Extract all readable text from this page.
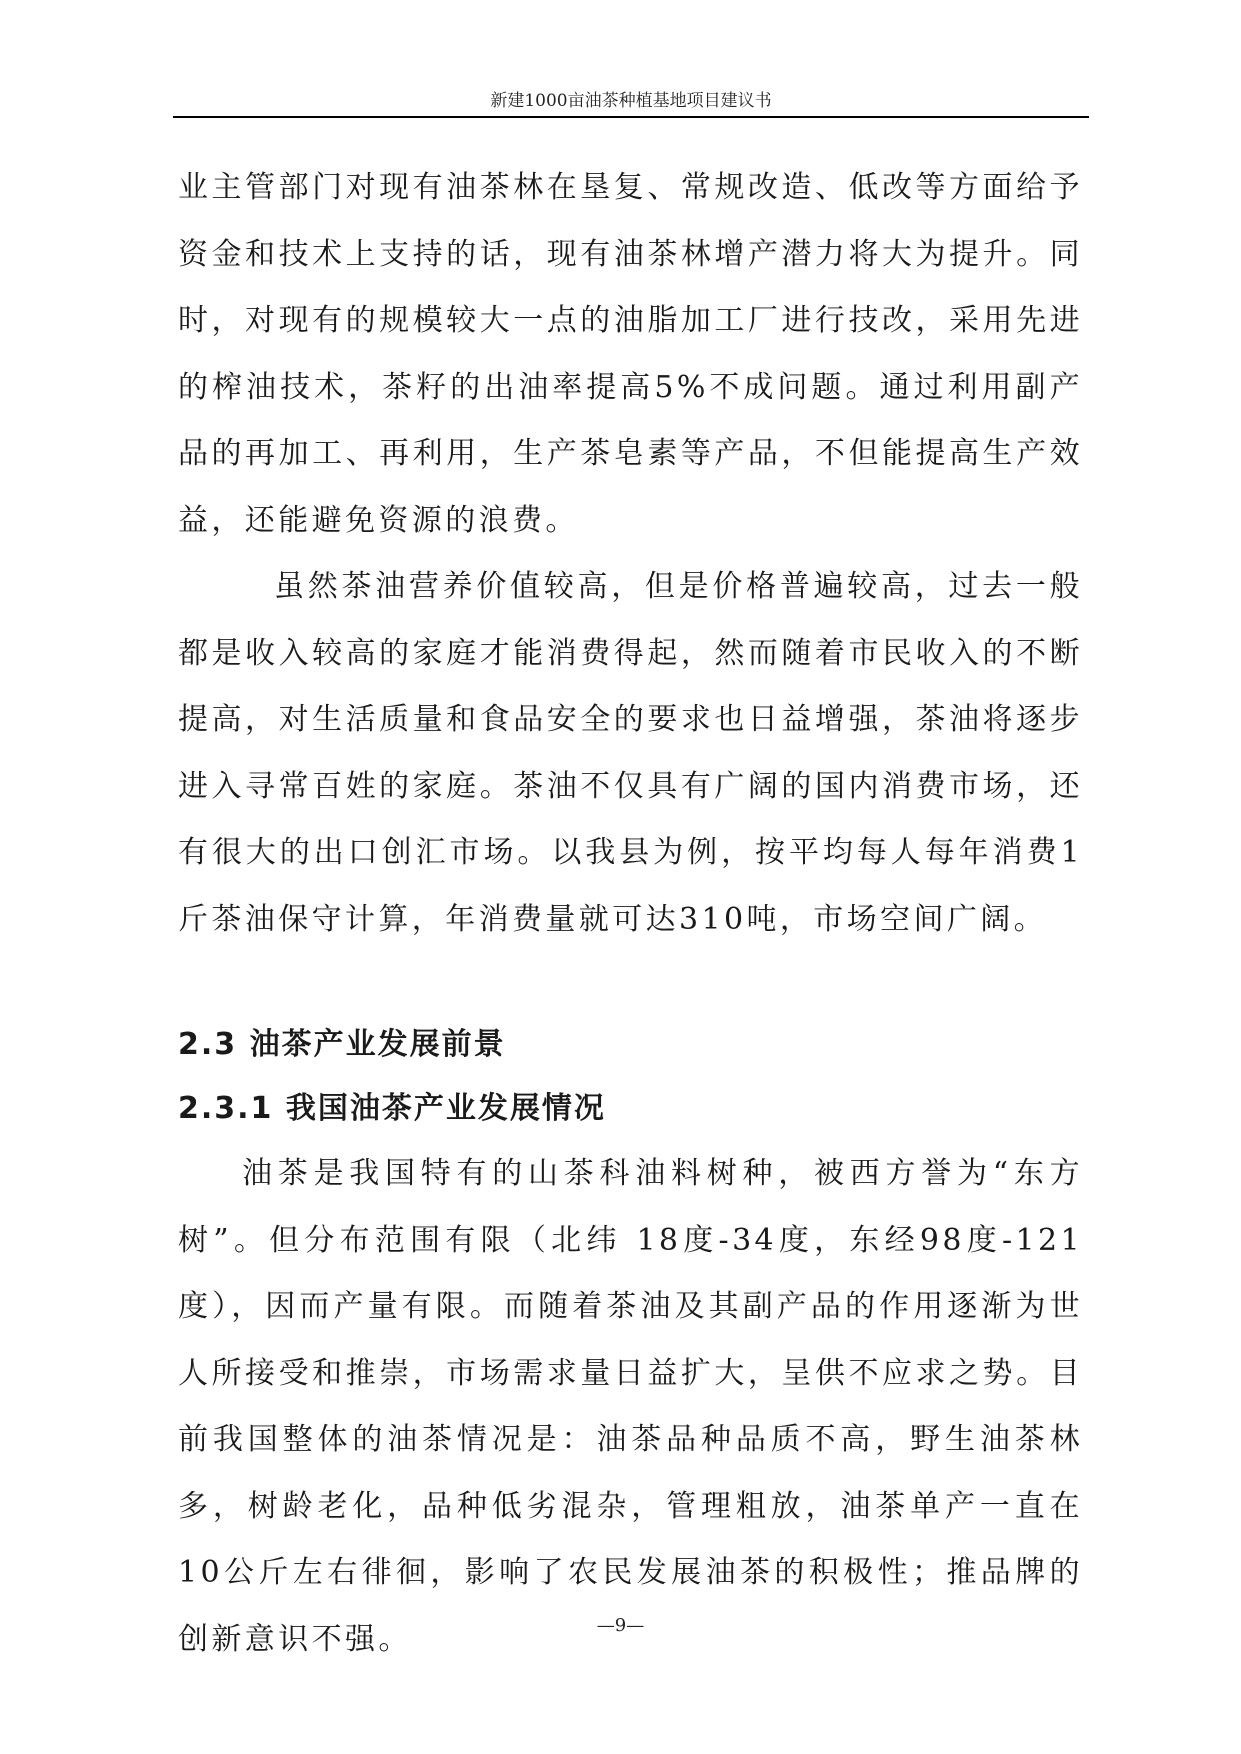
新建1000亩油茶种植基地项目建议书

业主管部门对现有油茶林在垦复、常规改造、低改等方面给予资金和技术上支持的话，现有油茶林增产潜力将大为提升。同时，对现有的规模较大一点的油脂加工厂进行技改，采用先进的榨油技术，茶籽的出油率提高5%不成问题。通过利用副产品的再加工、再利用，生产茶皂素等产品，不但能提高生产效益，还能避免资源的浪费。

虽然茶油营养价值较高，但是价格普遍较高，过去一般都是收入较高的家庭才能消费得起，然而随着市民收入的不断提高，对生活质量和食品安全的要求也日益增强，茶油将逐步进入寻常百姓的家庭。茶油不仅具有广阔的国内消费市场，还有很大的出口创汇市场。以我县为例，按平均每人每年消费1斤茶油保守计算，年消费量就可达310吨，市场空间广阔。

2.3 油茶产业发展前景

2.3.1 我国油茶产业发展情况

油茶是我国特有的山茶科油料树种，被西方誉为“东方树”。但分布范围有限（北纬 18度-34度，东经98度-121度），因而产量有限。而随着茶油及其副产品的作用逐渐为世人所接受和推崇，市场需求量日益扩大，呈供不应求之势。目前我国整体的油茶情况是：油茶品种品质不高，野生油茶林多，树龄老化，品种低劣混杂，管理粗放，油茶单产一直在 10公斤左右徘徊，影响了农民发展油茶的积极性；推品牌的创新意识不强。	—9—
